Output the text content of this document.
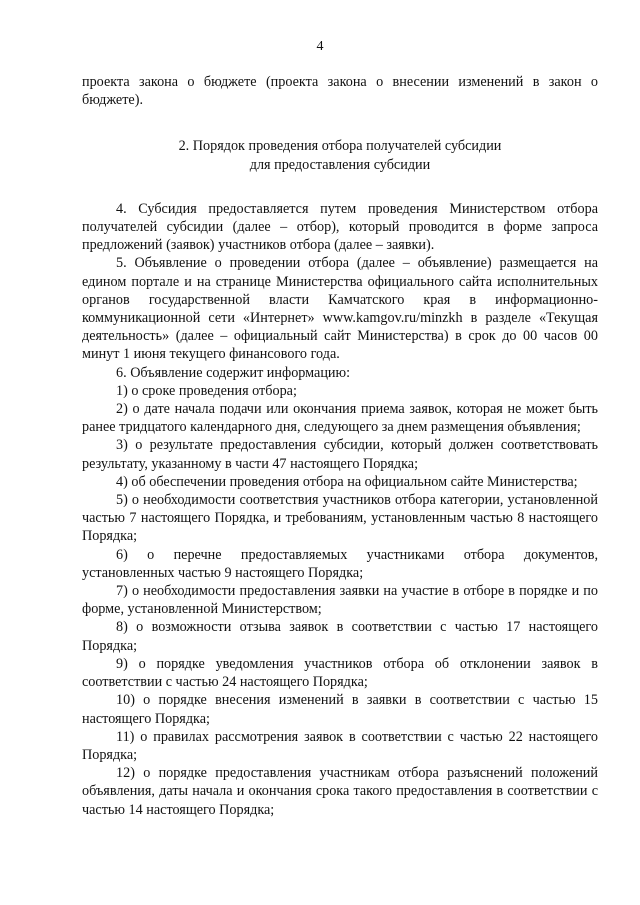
4

проекта закона о бюджете (проекта закона о внесении изменений в закон о бюджете).

2. Порядок проведения отбора получателей субсидии
для предоставления субсидии

4. Субсидия предоставляется путем проведения Министерством отбора получателей субсидии (далее – отбор), который проводится в форме запроса предложений (заявок) участников отбора (далее – заявки).

5. Объявление о проведении отбора (далее – объявление) размещается на едином портале и на странице Министерства официального сайта исполнительных органов государственной власти Камчатского края в информационно-коммуникационной сети «Интернет» www.kamgov.ru/minzkh в разделе «Текущая деятельность» (далее – официальный сайт Министерства) в срок до 00 часов 00 минут 1 июня текущего финансового года.

6. Объявление содержит информацию:

1) о сроке проведения отбора;

2) о дате начала подачи или окончания приема заявок, которая не может быть ранее тридцатого календарного дня, следующего за днем размещения объявления;

3) о результате предоставления субсидии, который должен соответствовать результату, указанному в части 47 настоящего Порядка;

4) об обеспечении проведения отбора на официальном сайте Министерства;

5) о необходимости соответствия участников отбора категории, установленной частью 7 настоящего Порядка, и требованиям, установленным частью 8 настоящего Порядка;

6) о перечне предоставляемых участниками отбора документов, установленных частью 9 настоящего Порядка;

7) о необходимости предоставления заявки на участие в отборе в порядке и по форме, установленной Министерством;

8) о возможности отзыва заявок в соответствии с частью 17 настоящего Порядка;

9) о порядке уведомления участников отбора об отклонении заявок в соответствии с частью 24 настоящего Порядка;

10) о порядке внесения изменений в заявки в соответствии с частью 15 настоящего Порядка;

11) о правилах рассмотрения заявок в соответствии с частью 22 настоящего Порядка;

12) о порядке предоставления участникам отбора разъяснений положений объявления, даты начала и окончания срока такого предоставления в соответствии с частью 14 настоящего Порядка;
